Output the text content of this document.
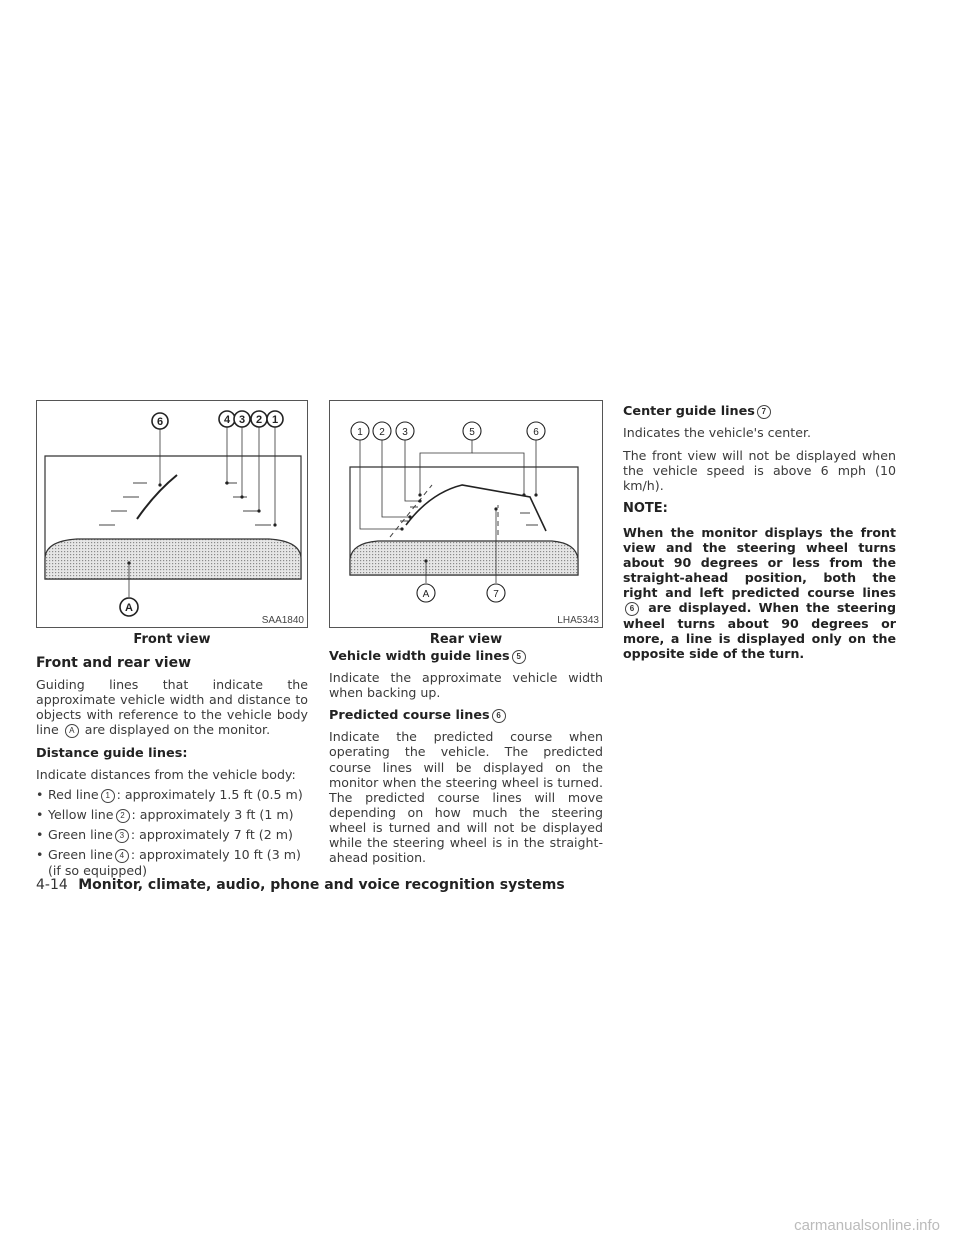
6	4 3 2 1
A
SAA1840
Front view
1 2 3	5	6
A	7
LHA5343
Rear view
Front and rear view

Guiding lines that indicate the approximate vehicle width and distance to objects with reference to the vehicle body line A are displayed on the monitor.

Distance guide lines:

Indicate distances from the vehicle body:

• Red line 1 : approximately 1.5 ft (0.5 m)
• Yellow line 2 : approximately 3 ft (1 m)
• Green line 3 : approximately 7 ft (2 m)
• Green line 4 : approximately 10 ft (3 m) (if so equipped)
Vehicle width guide lines 5

Indicate the approximate vehicle width when backing up.

Predicted course lines 6

Indicate the predicted course when operating the vehicle. The predicted course lines will be displayed on the monitor when the steering wheel is turned. The predicted course lines will move depending on how much the steering wheel is turned and will not be displayed while the steering wheel is in the straight-ahead position.

Center guide lines 7

Indicates the vehicle's center.

The front view will not be displayed when the vehicle speed is above 6 mph (10 km/h).

NOTE:

When the monitor displays the front view and the steering wheel turns about 90 degrees or less from the straight-ahead position, both the right and left predicted course lines 6 are displayed. When the steering wheel turns about 90 degrees or more, a line is displayed only on the opposite side of the turn.

4-14 Monitor, climate, audio, phone and voice recognition systems
carmanualsonline.info
